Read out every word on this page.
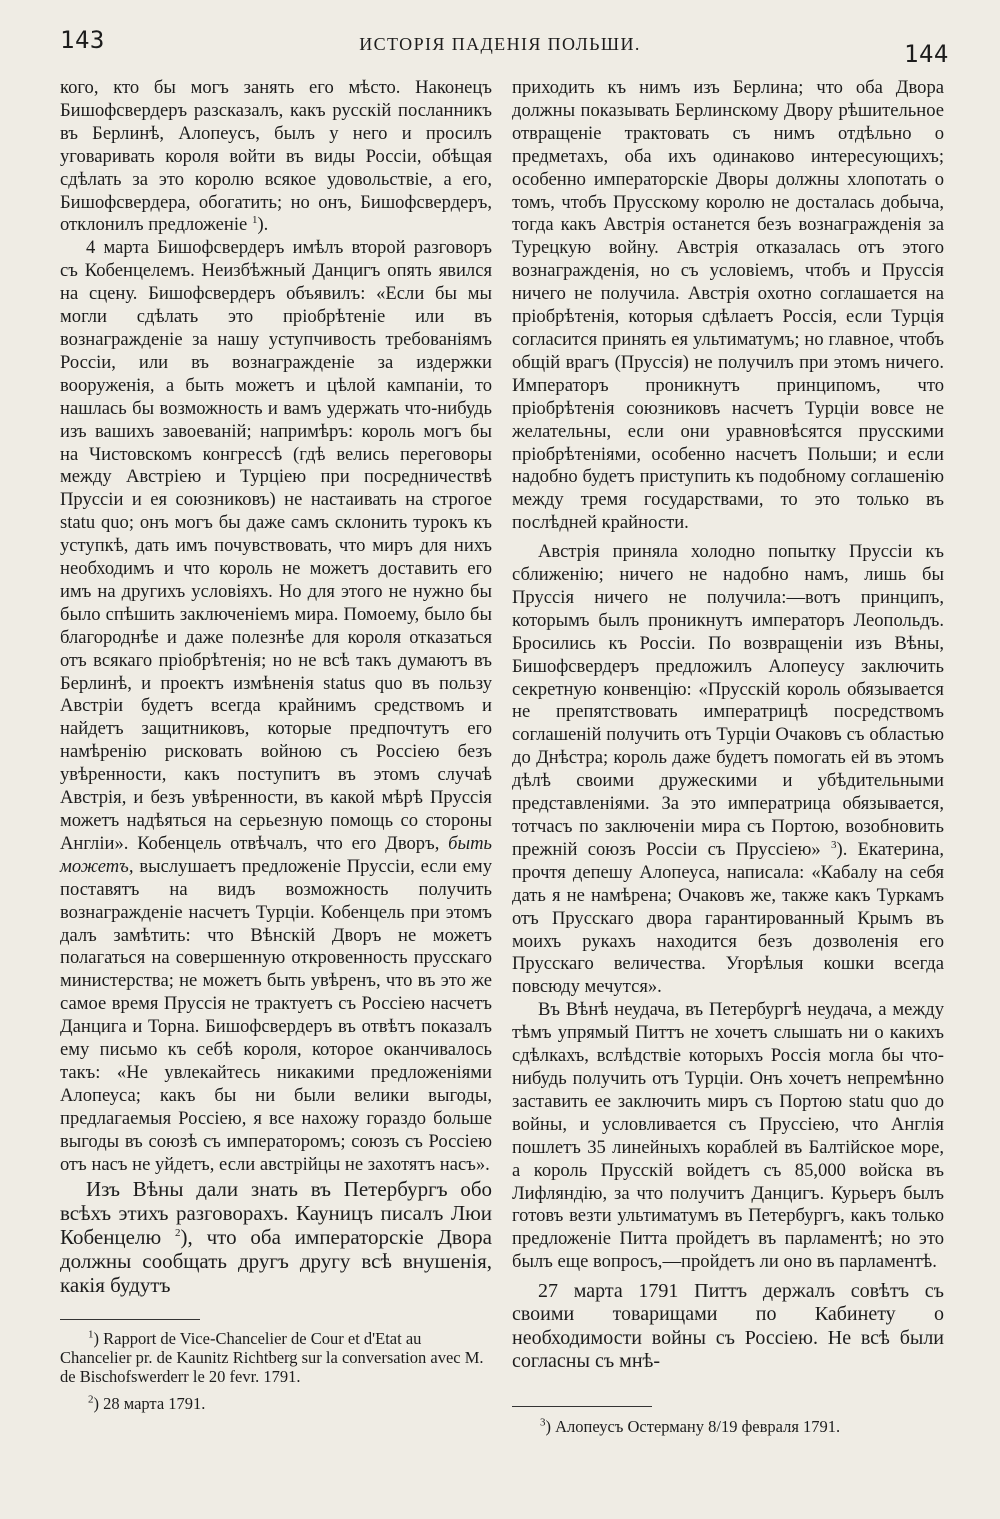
143	ИСТОРІЯ ПАДЕНІЯ ПОЛЬШИ.	144

кого, кто бы могъ занять его мѣсто. Наконецъ Бишофсвердеръ разсказалъ, какъ русскій посланникъ въ Берлинѣ, Алопеусъ, былъ у него и просилъ уговаривать короля войти въ виды Россіи, обѣщая сдѣлать за это королю всякое удовольствіе, а его, Бишофсвердера, обогатить; но онъ, Бишофсвердеръ, отклонилъ предложеніе $^1$).

4 марта Бишофсвердеръ имѣлъ второй разговоръ съ Кобенцелемъ. Неизбѣжный Данцигъ опять явился на сцену. Бишофсвердеръ объявилъ: «Если бы мы могли сдѣлать это пріобрѣтеніе или въ вознагражденіе за нашу уступчивость требованіямъ Россіи, или въ вознагражденіе за издержки вооруженія, а быть можетъ и цѣлой кампаніи, то нашлась бы возможность и вамъ удержать что-нибудь изъ вашихъ завоеваній; напримѣръ: король могъ бы на Чистовскомъ конгрессѣ (гдѣ велись переговоры между Австріею и Турціею при посредничествѣ Пруссіи и ея союзниковъ) не настаивать на строгое statu quo; онъ могъ бы даже самъ склонить турокъ къ уступкѣ, дать имъ почувствовать, что миръ для нихъ необходимъ и что король не можетъ доставить его имъ на другихъ условіяхъ. Но для этого не нужно бы было спѣшить заключеніемъ мира. Помоему, было бы благороднѣе и даже полезнѣе для короля отказаться отъ всякаго пріобрѣтенія; но не всѣ такъ думаютъ въ Берлинѣ, и проектъ измѣненія status quo въ пользу Австріи будетъ всегда крайнимъ средствомъ и найдетъ защитниковъ, которые предпочтутъ его намѣренію рисковать войною съ Россіею безъ увѣренности, какъ поступитъ въ этомъ случаѣ Австрія, и безъ увѣренности, въ какой мѣрѣ Пруссія можетъ надѣяться на серьезную помощь со стороны Англіи». Кобенцель отвѣчалъ, что его Дворъ, быть можетъ, выслушаетъ предложеніе Пруссіи, если ему поставятъ на видъ возможность получить вознагражденіе насчетъ Турціи. Кобенцель при этомъ далъ замѣтить: что Вѣнскій Дворъ не можетъ полагаться на совершенную откровенность прусскаго министерства; не можетъ быть увѣренъ, что въ это же самое время Пруссія не трактуетъ съ Россіею насчетъ Данцига и Торна. Бишофсвердеръ въ отвѣтъ показалъ ему письмо къ себѣ короля, которое оканчивалось такъ: «Не увлекайтесь никакими предложеніями Алопеуса; какъ бы ни были велики выгоды, предлагаемыя Россіею, я все нахожу гораздо больше выгоды въ союзѣ съ императоромъ; союзъ съ Россіею отъ насъ не уйдетъ, если австрійцы не захотятъ насъ».

Изъ Вѣны дали знать въ Петербургъ обо всѣхъ этихъ разговорахъ. Кауницъ писалъ Люи Кобенцелю $^2$), что оба императорскіе Двора должны сообщать другъ другу всѣ внушенія, какія будутъ

приходить къ нимъ изъ Берлина; что оба Двора должны показывать Берлинскому Двору рѣшительное отвращеніе трактовать съ нимъ отдѣльно о предметахъ, оба ихъ одинаково интересующихъ; особенно императорскіе Дворы должны хлопотать о томъ, чтобъ Прусскому королю не досталась добыча, тогда какъ Австрія останется безъ вознагражденія за Турецкую войну. Австрія отказалась отъ этого вознагражденія, но съ условіемъ, чтобъ и Пруссія ничего не получила. Австрія охотно соглашается на пріобрѣтенія, которыя сдѣлаетъ Россія, если Турція согласится принять ея ультиматумъ; но главное, чтобъ общій врагъ (Пруссія) не получилъ при этомъ ничего. Императоръ проникнутъ принципомъ, что пріобрѣтенія союзниковъ насчетъ Турціи вовсе не желательны, если они уравновѣсятся прусскими пріобрѣтеніями, особенно насчетъ Польши; и если надобно будетъ приступить къ подобному соглашенію между тремя государствами, то это только въ послѣдней крайности.

Австрія приняла холодно попытку Пруссіи къ сближенію; ничего не надобно намъ, лишь бы Пруссія ничего не получила:—вотъ принципъ, которымъ былъ проникнутъ императоръ Леопольдъ. Бросились къ Россіи. По возвращеніи изъ Вѣны, Бишофсвердеръ предложилъ Алопеусу заключить секретную конвенцію: «Прусскій король обязывается не препятствовать императрицѣ посредствомъ соглашеній получить отъ Турціи Очаковъ съ областью до Днѣстра; король даже будетъ помогать ей въ этомъ дѣлѣ своими дружескими и убѣдительными представленіями. За это императрица обязывается, тотчасъ по заключеніи мира съ Портою, возобновить прежній союзъ Россіи съ Пруссіею» $^3$). Екатерина, прочтя депешу Алопеуса, написала: «Кабалу на себя дать я не намѣрена; Очаковъ же, также какъ Туркамъ отъ Прусскаго двора гарантированный Крымъ въ моихъ рукахъ находится безъ дозволенія его Прусскаго величества. Угорѣлыя кошки всегда повсюду мечутся».

Въ Вѣнѣ неудача, въ Петербургѣ неудача, а между тѣмъ упрямый Питтъ не хочетъ слышать ни о какихъ сдѣлкахъ, вслѣдствіе которыхъ Россія могла бы что-нибудь получить отъ Турціи. Онъ хочетъ непремѣнно заставить ее заключить миръ съ Портою statu quo до войны, и условливается съ Пруссіею, что Англія пошлетъ 35 линейныхъ кораблей въ Балтійское море, а король Прусскій войдетъ съ 85,000 войска въ Лифляндію, за что получитъ Данцигъ. Курьеръ былъ готовъ везти ультиматумъ въ Петербургъ, какъ только предложеніе Питта пройдетъ въ парламентѣ; но это былъ еще вопросъ,—пройдетъ ли оно въ парламентѣ.

27 марта 1791 Питтъ держалъ совѣтъ съ своими товарищами по Кабинету о необходимости войны съ Россіею. Не всѣ были согласны съ мнѣ-

$^1$) Rapport de Vice-Chancelier de Cour et d'Etat au Chancelier pr. de Kaunitz Richtberg sur la conversation avec M. de Bischofswerderr le 20 fevr. 1791.

$^2$) 28 марта 1791.

$^3$) Алопеусъ Остерману 8/19 февраля 1791.
